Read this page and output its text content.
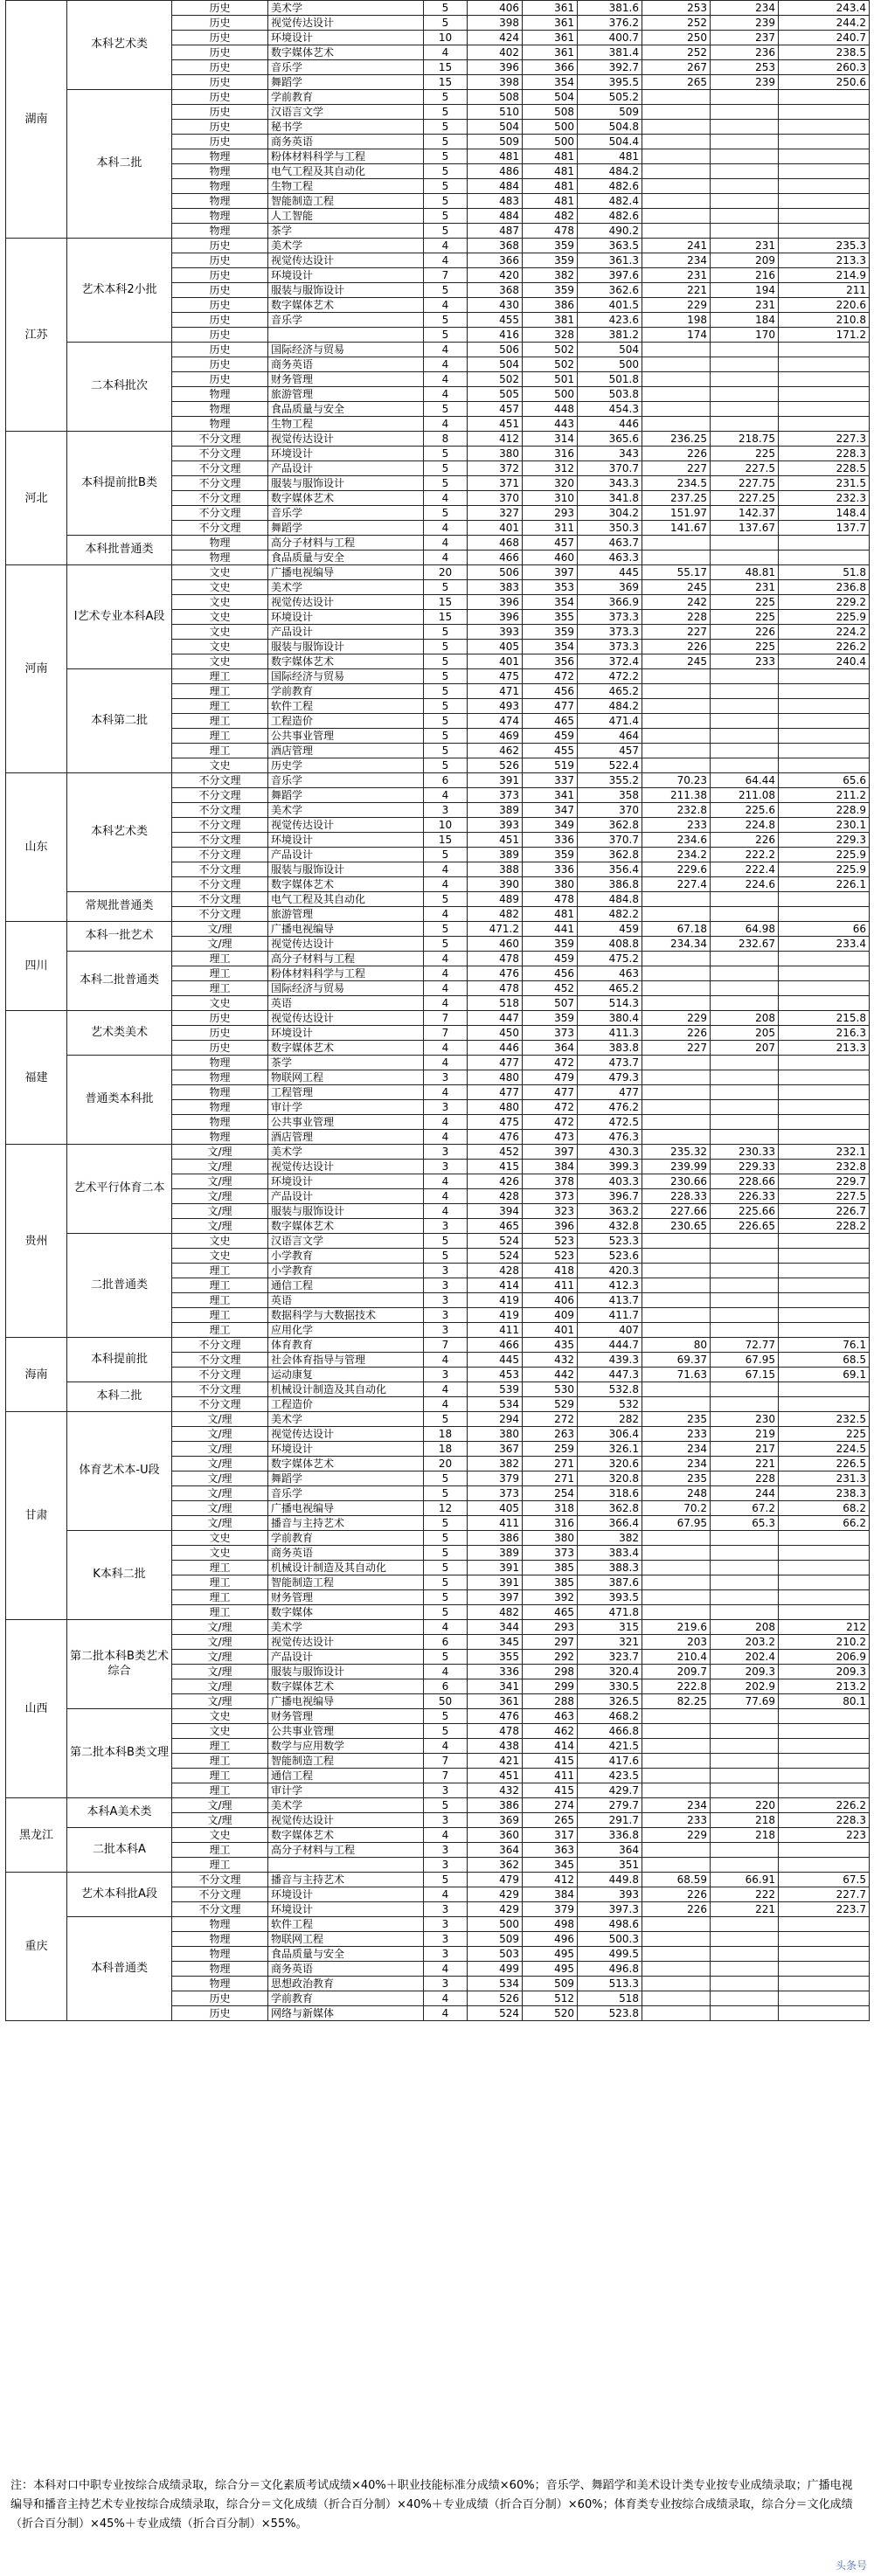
湖南	本科艺术类	历史	美术学	5	406	361	381.6	253	234	243.4
		历史	视觉传达设计	5	398	361	376.2	252	239	244.2
		历史	环境设计	10	424	361	400.7	250	237	240.7
		历史	数字媒体艺术	4	402	361	381.4	252	236	238.5
		历史	音乐学	15	396	366	392.7	267	253	260.3
		历史	舞蹈学	15	398	354	395.5	265	239	250.6
	本科二批	历史	学前教育	5	508	504	505.2			
		历史	汉语言文学	5	510	508	509			
		历史	秘书学	5	504	500	504.8			
		历史	商务英语	5	509	500	504.4			
		物理	粉体材料科学与工程	5	481	481	481			
		物理	电气工程及其自动化	5	486	481	484.2			
		物理	生物工程	5	484	481	482.6			
		物理	智能制造工程	5	483	481	482.4			
		物理	人工智能	5	484	482	482.6			
		物理	茶学	5	487	478	490.2			
江苏	艺术本科2小批	历史	美术学	4	368	359	363.5	241	231	235.3
		历史	视觉传达设计	4	366	359	361.3	234	209	213.3
		历史	环境设计	7	420	382	397.6	231	216	214.9
		历史	服装与服饰设计	5	368	359	362.6	221	194	211
		历史	数字媒体艺术	4	430	386	401.5	229	231	220.6
		历史	音乐学	5	455	381	423.6	198	184	210.8
		历史		5	416	328	381.2	174	170	171.2
	二本科批次	历史	国际经济与贸易	4	506	502	504			
		历史	商务英语	4	504	502	500			
		历史	财务管理	4	502	501	501.8			
		物理	旅游管理	4	505	500	503.8			
		物理	食品质量与安全	5	457	448	454.3			
		物理	生物工程	4	451	443	446			
河北	本科提前批B类	不分文理	视觉传达设计	8	412	314	365.6	236.25	218.75	227.3
		不分文理	环境设计	5	380	316	343	226	225	228.3
		不分文理	产品设计	5	372	312	370.7	227	227.5	228.5
		不分文理	服装与服饰设计	5	371	320	343.3	234.5	227.75	231.5
		不分文理	数字媒体艺术	4	370	310	341.8	237.25	227.25	232.3
		不分文理	音乐学	5	327	293	304.2	151.97	142.37	148.4
		不分文理	舞蹈学	4	401	311	350.3	141.67	137.67	137.7
	本科批普通类	物理	高分子材料与工程	4	468	457	463.7			
		物理	食品质量与安全	4	466	460	463.3			
河南	I艺术专业本科A段	文史	广播电视编导	20	506	397	445	55.17	48.81	51.8
		文史	美术学	5	383	353	369	245	231	236.8
		文史	视觉传达设计	15	396	354	366.9	242	225	229.2
		文史	环境设计	15	396	355	373.3	228	225	225.9
		文史	产品设计	5	393	359	373.3	227	226	224.2
		文史	服装与服饰设计	5	405	354	373.3	226	225	226.2
		文史	数字媒体艺术	5	401	356	372.4	245	233	240.4
	本科第二批	理工	国际经济与贸易	5	475	472	472.2			
		理工	学前教育	5	471	456	465.2			
		理工	软件工程	5	493	477	484.2			
		理工	工程造价	5	474	465	471.4			
		理工	公共事业管理	5	469	459	464			
		理工	酒店管理	5	462	455	457			
		文史	历史学	5	526	519	522.4			
山东	本科艺术类	不分文理	音乐学	6	391	337	355.2	70.23	64.44	65.6
		不分文理	舞蹈学	4	373	341	358	211.38	211.08	211.2
		不分文理	美术学	3	389	347	370	232.8	225.6	228.9
		不分文理	视觉传达设计	10	393	349	362.8	233	224.8	230.1
		不分文理	环境设计	15	451	336	370.7	234.6	226	229.3
		不分文理	产品设计	5	389	359	362.8	234.2	222.2	225.9
		不分文理	服装与服饰设计	4	388	336	356.4	229.6	222.4	225.9
		不分文理	数字媒体艺术	4	390	380	386.8	227.4	224.6	226.1
	常规批普通类	不分文理	电气工程及其自动化	5	489	478	484.8			
		不分文理	旅游管理	4	482	481	482.2			
四川	本科一批艺术	文/理	广播电视编导	5	471.2	441	459	67.18	64.98	66
		文/理	视觉传达设计	5	460	359	408.8	234.34	232.67	233.4
	本科二批普通类	理工	高分子材料与工程	4	478	459	475.2			
		理工	粉体材料科学与工程	4	476	456	463			
		理工	国际经济与贸易	4	478	452	465.2			
		文史	英语	4	518	507	514.3			
福建	艺术类美术	历史	视觉传达设计	7	447	359	380.4	229	208	215.8
		历史	环境设计	7	450	373	411.3	226	205	216.3
		历史	数字媒体艺术	4	446	364	383.8	227	207	213.3
	普通类本科批	物理	茶学	4	477	472	473.7			
		物理	物联网工程	3	480	479	479.3			
		物理	工程管理	4	477	477	477			
		物理	审计学	3	480	472	476.2			
		物理	公共事业管理	4	475	472	472.5			
		物理	酒店管理	4	476	473	476.3			
贵州	艺术平行体育二本	文/理	美术学	3	452	397	430.3	235.32	230.33	232.1
		文/理	视觉传达设计	3	415	384	399.3	239.99	229.33	232.8
		文/理	环境设计	4	426	378	403.3	230.66	228.66	229.7
		文/理	产品设计	4	428	373	396.7	228.33	226.33	227.5
		文/理	服装与服饰设计	4	394	323	363.2	227.66	225.66	226.7
		文/理	数字媒体艺术	3	465	396	432.8	230.65	226.65	228.2
	二批普通类	文史	汉语言文学	5	524	523	523.3			
		文史	小学教育	5	524	523	523.6			
		理工	小学教育	3	428	418	420.3			
		理工	通信工程	3	414	411	412.3			
		理工	英语	3	419	406	413.7			
		理工	数据科学与大数据技术	3	419	409	411.7			
		理工	应用化学	3	411	401	407			
海南	本科提前批	不分文理	体育教育	7	466	435	444.7	80	72.77	76.1
		不分文理	社会体育指导与管理	4	445	432	439.3	69.37	67.95	68.5
		不分文理	运动康复	3	453	442	447.3	71.63	67.15	69.1
	本科二批	不分文理	机械设计制造及其自动化	4	539	530	532.8			
		不分文理	工程造价	4	534	529	532			
甘肃	体育艺术本-U段	文/理	美术学	5	294	272	282	235	230	232.5
		文/理	视觉传达设计	18	380	263	306.4	233	219	225
		文/理	环境设计	18	367	259	326.1	234	217	224.5
		文/理	数字媒体艺术	20	382	271	320.6	234	221	226.5
		文/理	舞蹈学	5	379	271	320.8	235	228	231.3
		文/理	音乐学	5	373	254	318.6	248	244	238.3
		文/理	广播电视编导	12	405	318	362.8	70.2	67.2	68.2
		文/理	播音与主持艺术	5	411	316	366.4	67.95	65.3	66.2
	K本科二批	文史	学前教育	5	386	380	382			
		文史	商务英语	5	389	373	383.4			
		理工	机械设计制造及其自动化	5	391	385	388.3			
		理工	智能制造工程	5	391	385	387.6			
		理工	财务管理	5	397	392	393.5			
		理工	数字媒体	5	482	465	471.8			
山西	第二批本科B类艺术综合	文/理	美术学	4	344	293	315	219.6	208	212
		文/理	视觉传达设计	6	345	297	321	203	203.2	210.2
		文/理	产品设计	5	355	292	323.7	210.4	202.4	206.9
		文/理	服装与服饰设计	4	336	298	320.4	209.7	209.3	209.3
		文/理	数字媒体艺术	6	341	299	330.5	222.8	202.9	213.2
		文/理	广播电视编导	50	361	288	326.5	82.25	77.69	80.1
	第二批本科B类文理	文史	财务管理	5	476	463	468.2			
		文史	公共事业管理	5	478	462	466.8			
		理工	数学与应用数学	4	438	414	421.5			
		理工	智能制造工程	7	421	415	417.6			
		理工	通信工程	7	451	411	423.5			
		理工	审计学	3	432	415	429.7			
黑龙江	本科A美术类	文/理	美术学	5	386	274	279.7	234	220	226.2
		文/理	视觉传达设计	3	369	265	291.7	233	218	228.3
	二批本科A	文史	数字媒体艺术	4	360	317	336.8	229	218	223
		理工	高分子材料与工程	3	364	363	364			
		理工		3	362	345	351			
重庆	艺术本科批A段	不分文理	播音与主持艺术	5	479	412	449.8	68.59	66.91	67.5
		不分文理	环境设计	4	429	384	393	226	222	227.7
		不分文理	环境设计	3	429	379	397.3	226	221	223.7
	本科普通类	物理	软件工程	3	500	498	498.6			
		物理	物联网工程	3	509	496	500.3			
		物理	食品质量与安全	3	503	495	499.5			
		物理	商务英语	4	499	495	496.8			
		物理	思想政治教育	3	534	509	513.3			
		历史	学前教育	4	526	512	518			
		历史	网络与新媒体	4	524	520	523.8			
注：本科对口中职专业按综合成绩录取，综合分＝文化素质考试成绩×40%＋职业技能标准分成绩×60%；音乐学、舞蹈学和美术设计类专业按专业成绩录取；广播电视编导和播音主持艺术专业按综合成绩录取，综合分＝文化成绩（折合百分制）×40%＋专业成绩（折合百分制）×60%；体育类专业按综合成绩录取，综合分＝文化成绩（折合百分制）×45%＋专业成绩（折合百分制）×55%。
头条号
